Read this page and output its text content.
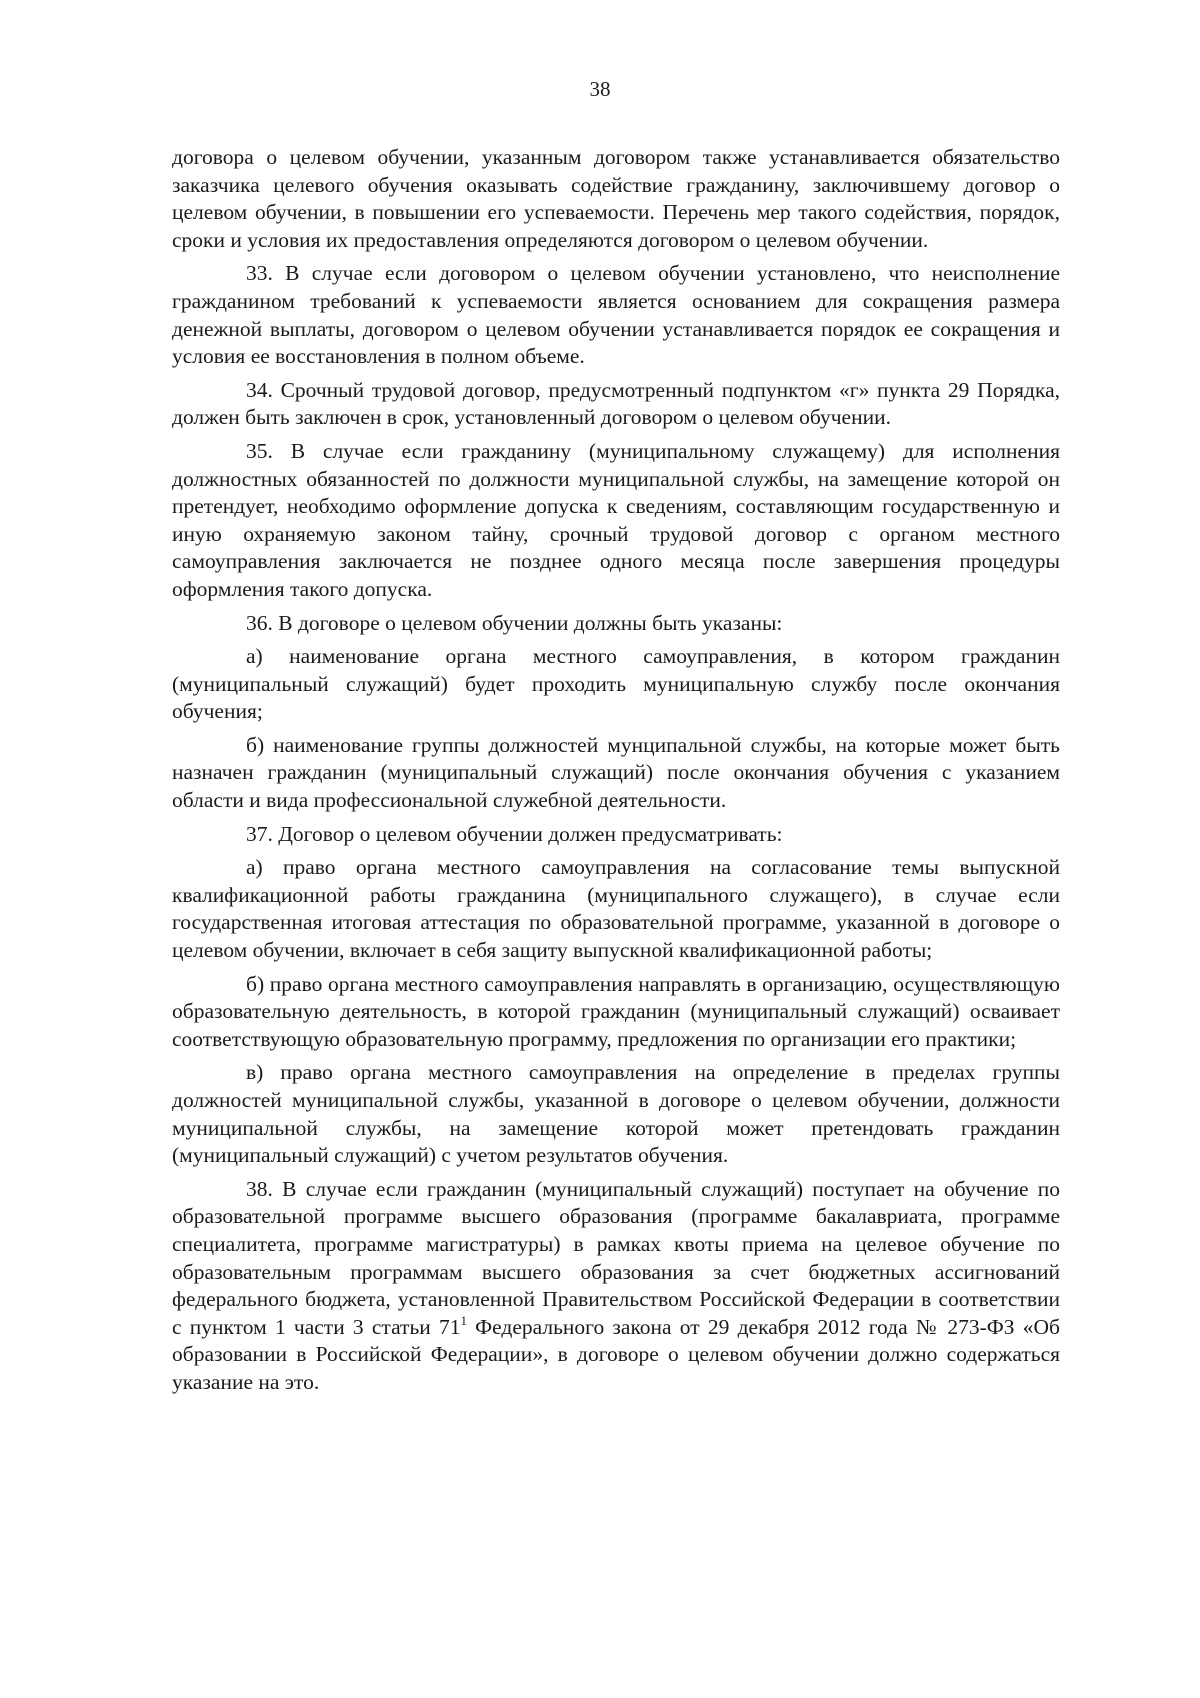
38

договора о целевом обучении, указанным договором также устанавливается обязательство заказчика целевого обучения оказывать содействие гражданину, заключившему договор о целевом обучении, в повышении его успеваемости. Перечень мер такого содействия, порядок, сроки и условия их предоставления определяются договором о целевом обучении.

33. В случае если договором о целевом обучении установлено, что неисполнение гражданином требований к успеваемости является основанием для сокращения размера денежной выплаты, договором о целевом обучении устанавливается порядок ее сокращения и условия ее восстановления в полном объеме.

34. Срочный трудовой договор, предусмотренный подпунктом «г» пункта 29 Порядка, должен быть заключен в срок, установленный договором о целевом обучении.

35. В случае если гражданину (муниципальному служащему) для исполнения должностных обязанностей по должности муниципальной службы, на замещение которой он претендует, необходимо оформление допуска к сведениям, составляющим государственную и иную охраняемую законом тайну, срочный трудовой договор с органом местного самоуправления заключается не позднее одного месяца после завершения процедуры оформления такого допуска.

36. В договоре о целевом обучении должны быть указаны:

а) наименование органа местного самоуправления, в котором гражданин (муниципальный служащий) будет проходить муниципальную службу после окончания обучения;

б) наименование группы должностей мунципальной службы, на которые может быть назначен гражданин (муниципальный служащий) после окончания обучения с указанием области и вида профессиональной служебной деятельности.

37. Договор о целевом обучении должен предусматривать:

а) право органа местного самоуправления на согласование темы выпускной квалификационной работы гражданина (муниципального служащего), в случае если государственная итоговая аттестация по образовательной программе, указанной в договоре о целевом обучении, включает в себя защиту выпускной квалификационной работы;

б) право органа местного самоуправления направлять в организацию, осуществляющую образовательную деятельность, в которой гражданин (муниципальный служащий) осваивает соответствующую образовательную программу, предложения по организации его практики;

в) право органа местного самоуправления на определение в пределах группы должностей муниципальной службы, указанной в договоре о целевом обучении, должности муниципальной службы, на замещение которой может претендовать гражданин (муниципальный служащий) с учетом результатов обучения.

38. В случае если гражданин (муниципальный служащий) поступает на обучение по образовательной программе высшего образования (программе бакалавриата, программе специалитета, программе магистратуры) в рамках квоты приема на целевое обучение по образовательным программам высшего образования за счет бюджетных ассигнований федерального бюджета, установленной Правительством Российской Федерации в соответствии с пунктом 1 части 3 статьи $71^1$ Федерального закона от 29 декабря 2012 года № 273-ФЗ «Об образовании в Российской Федерации», в договоре о целевом обучении должно содержаться указание на это.
